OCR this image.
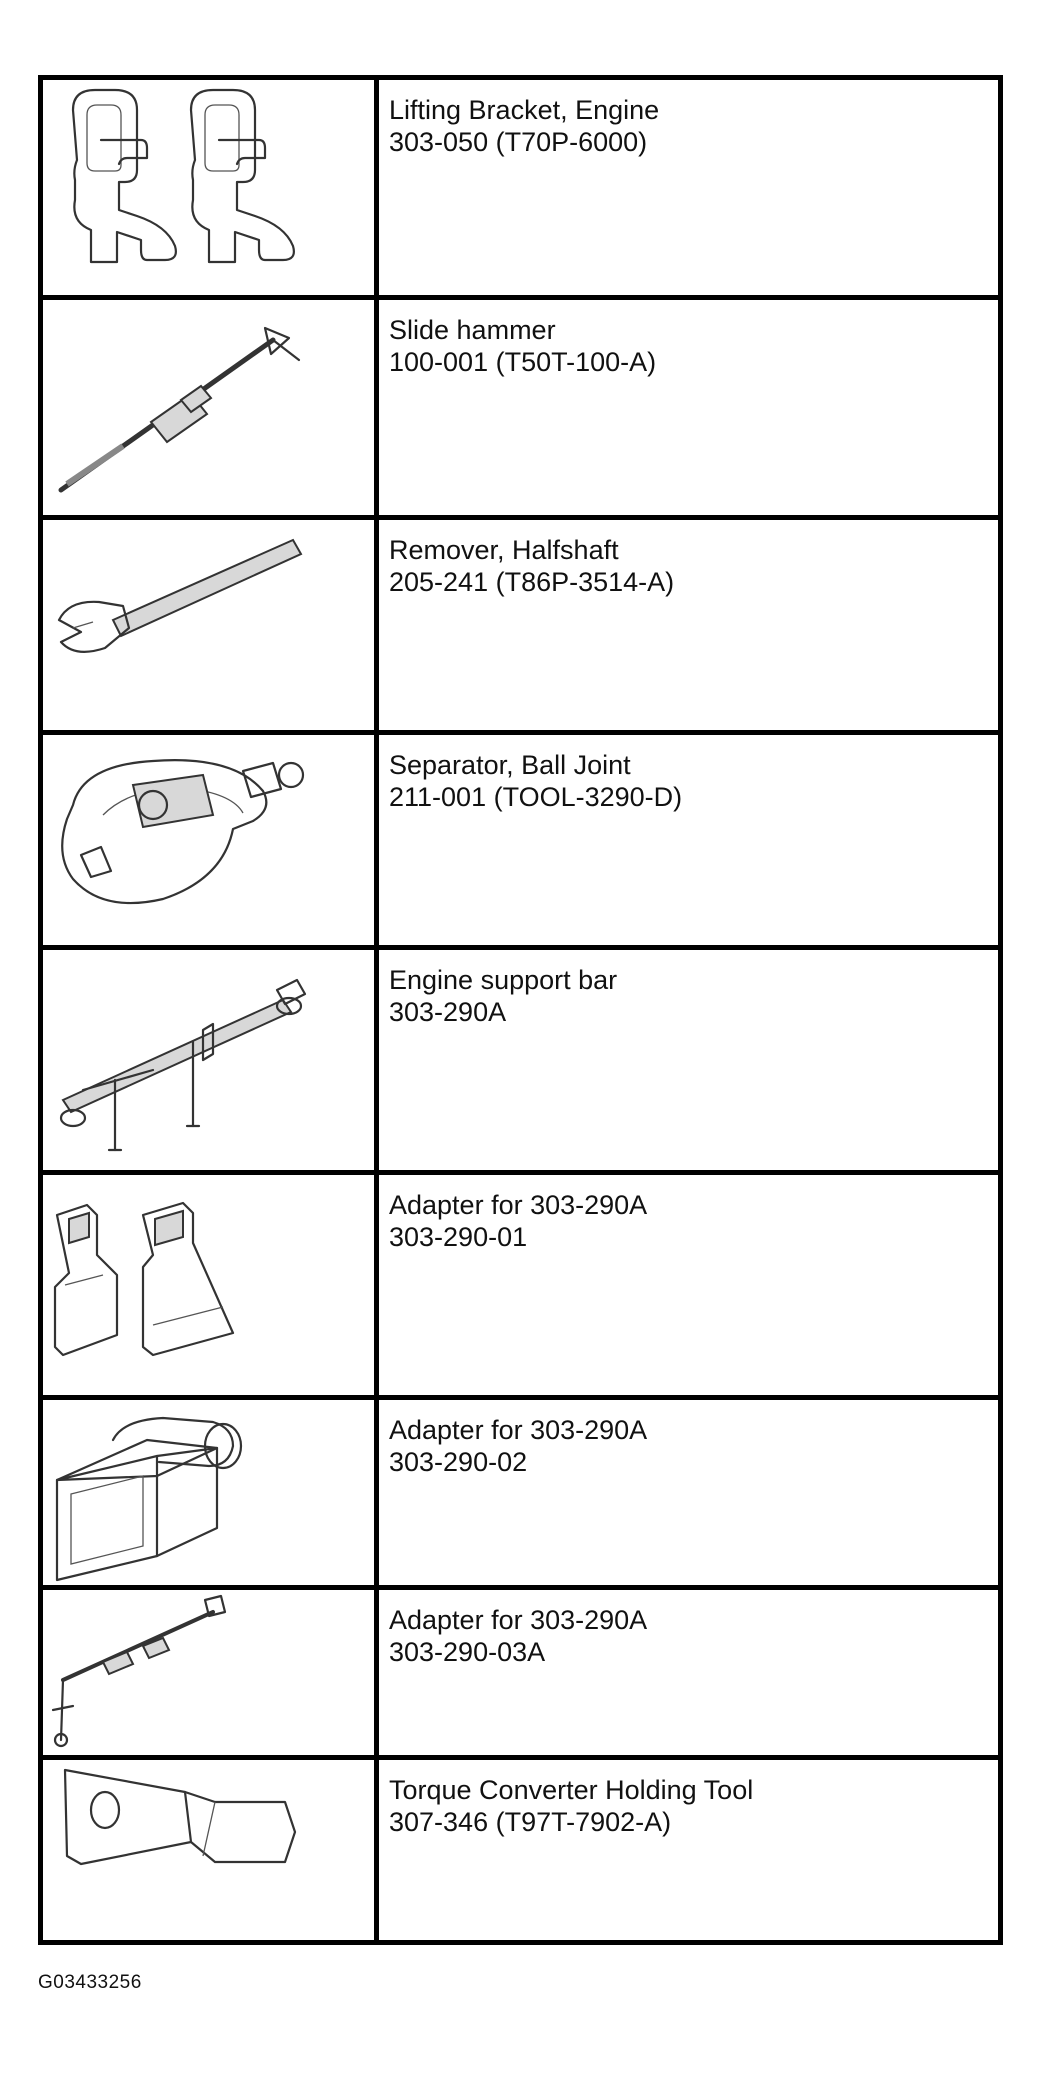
Lifting Bracket, Engine
303-050 (T70P-6000)
Slide hammer
100-001 (T50T-100-A)
Remover, Halfshaft
205-241 (T86P-3514-A)
Separator, Ball Joint
211-001 (TOOL-3290-D)
Engine support bar
303-290A
Adapter for 303-290A
303-290-01
Adapter for 303-290A
303-290-02
Adapter for 303-290A
303-290-03A
Torque Converter Holding Tool
307-346 (T97T-7902-A)
G03433256
